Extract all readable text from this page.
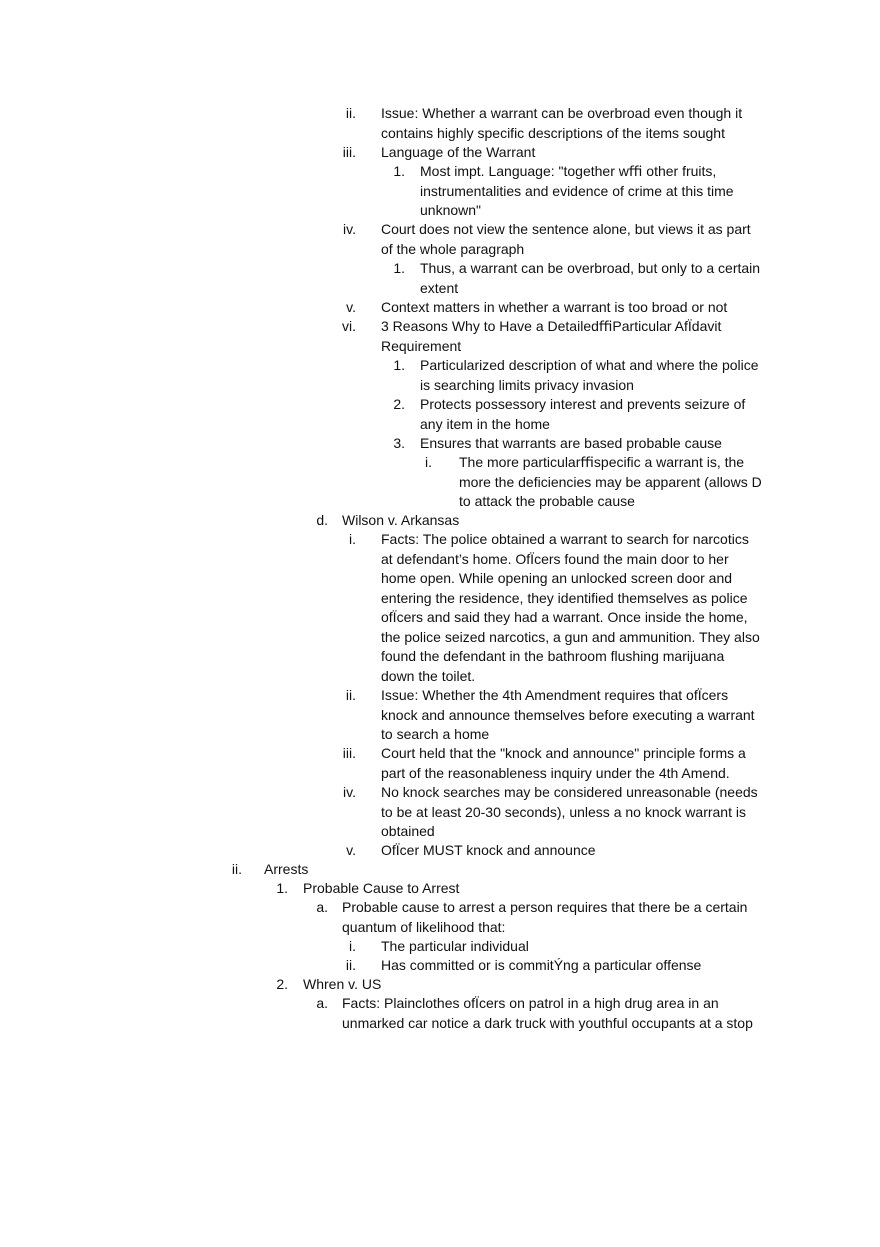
ii. Issue: Whether a warrant can be overbroad even though it
contains highly specific descriptions of the items sought
iii. Language of the Warrant
1. Most impt. Language: "together wﬃ other fruits,
instrumentalities and evidence of crime at this time
unknown"
iv. Court does not view the sentence alone, but views it as part
of the whole paragraph
1. Thus, a warrant can be overbroad, but only to a certain
extent
v. Context matters in whether a warrant is too broad or not
vi. 3 Reasons Why to Have a DetailedﬃParticular AfÏdavit
Requirement
1. Particularized description of what and where the police
is searching limits privacy invasion
2. Protects possessory interest and prevents seizure of
any item in the home
3. Ensures that warrants are based probable cause
i. The more particularﬃspecific a warrant is, the
more the deficiencies may be apparent (allows D
to attack the probable cause
d. Wilson v. Arkansas
i. Facts: The police obtained a warrant to search for narcotics
at defendant’s home. OfÏcers found the main door to her
home open. While opening an unlocked screen door and
entering the residence, they identified themselves as police
ofÏcers and said they had a warrant. Once inside the home,
the police seized narcotics, a gun and ammunition. They also
found the defendant in the bathroom flushing marijuana
down the toilet.
ii. Issue: Whether the 4th Amendment requires that ofÏcers
knock and announce themselves before executing a warrant
to search a home
iii. Court held that the "knock and announce" principle forms a
part of the reasonableness inquiry under the 4th Amend.
iv. No knock searches may be considered unreasonable (needs
to be at least 20-30 seconds), unless a no knock warrant is
obtained
v. OfÏcer MUST knock and announce
ii. Arrests
1. Probable Cause to Arrest
a. Probable cause to arrest a person requires that there be a certain
quantum of likelihood that:
i. The particular individual
ii. Has committed or is commitÝng a particular offense
2. Whren v. US
a. Facts: Plainclothes ofÏcers on patrol in a high drug area in an
unmarked car notice a dark truck with youthful occupants at a stop
